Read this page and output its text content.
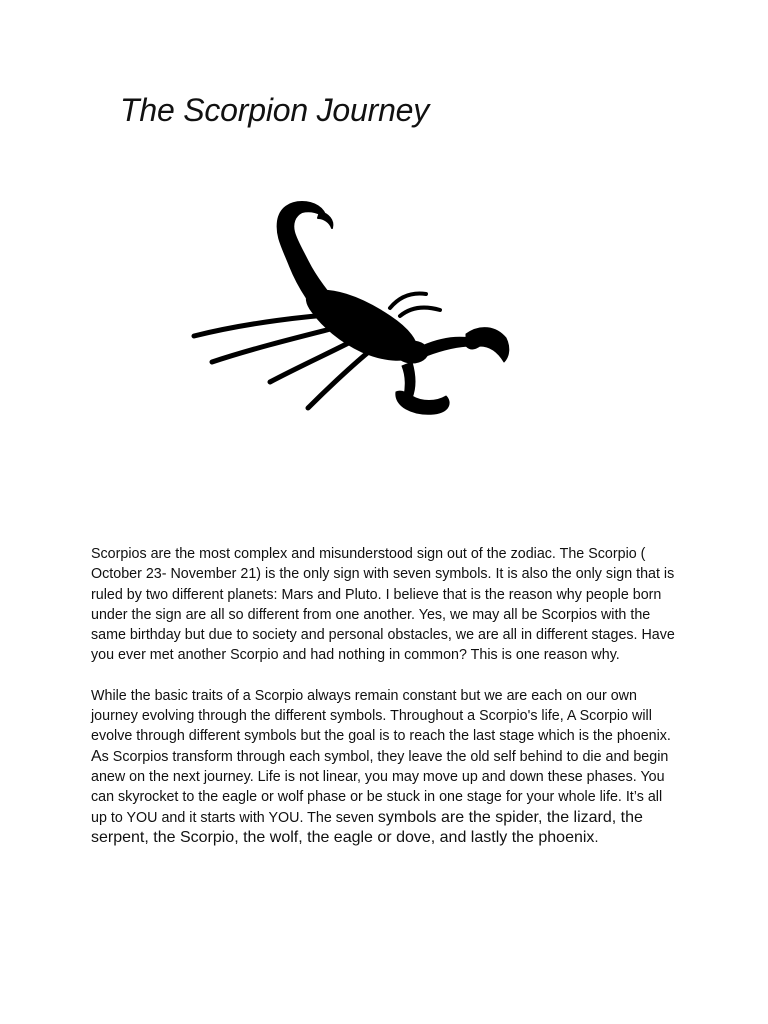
The Scorpion Journey

Scorpios are the most complex and misunderstood sign out of the zodiac. The Scorpio ( October 23- November 21) is the only sign with seven symbols. It is also the only sign that is ruled by two different planets: Mars and Pluto. I believe that is the reason why people born under the sign are all so different from one another. Yes, we may all be Scorpios with the same birthday but due to society and personal obstacles, we are all in different stages. Have you ever met another Scorpio and had nothing in common? This is one reason why.

While the basic traits of a Scorpio always remain constant but we are each on our own journey evolving through the different symbols. Throughout a Scorpio's life, A Scorpio will evolve through different symbols but the goal is to reach the last stage which is the phoenix. As Scorpios transform through each symbol, they leave the old self behind to die and begin anew on the next journey. Life is not linear, you may move up and down these phases. You can skyrocket to the eagle or wolf phase or be stuck in one stage for your whole life. It’s all up to YOU and it starts with YOU. The seven symbols are the spider, the lizard, the serpent, the Scorpio, the wolf, the eagle or dove, and lastly the phoenix.
